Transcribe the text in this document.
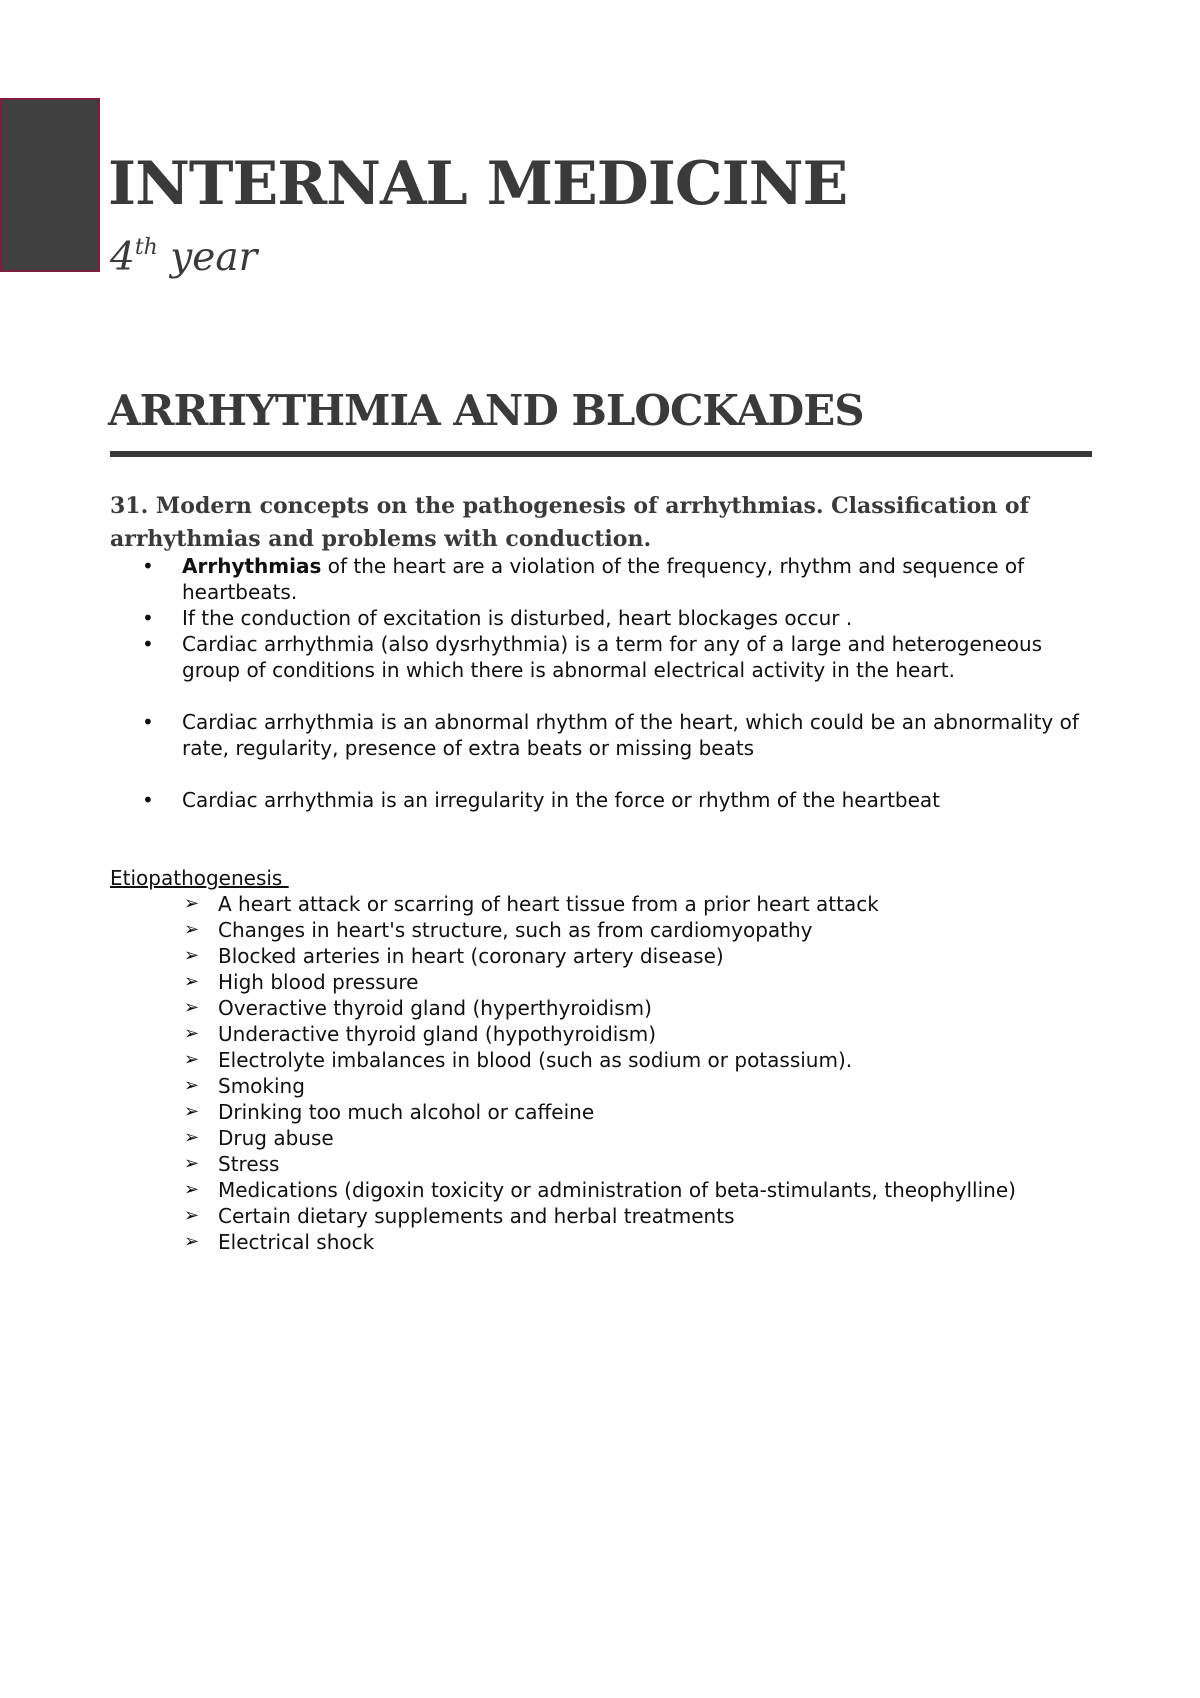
INTERNAL MEDICINE
4th year
ARRHYTHMIA AND BLOCKADES
31. Modern concepts on the pathogenesis of arrhythmias. Classification of arrhythmias and problems with conduction.
• Arrhythmias of the heart are a violation of the frequency, rhythm and sequence of heartbeats.
• If the conduction of excitation is disturbed, heart blockages occur .
• Cardiac arrhythmia (also dysrhythmia) is a term for any of a large and heterogeneous group of conditions in which there is abnormal electrical activity in the heart.
• Cardiac arrhythmia is an abnormal rhythm of the heart, which could be an abnormality of rate, regularity, presence of extra beats or missing beats
• Cardiac arrhythmia is an irregularity in the force or rhythm of the heartbeat
Etiopathogenesis
➢ A heart attack or scarring of heart tissue from a prior heart attack
➢ Changes in heart's structure, such as from cardiomyopathy
➢ Blocked arteries in heart (coronary artery disease)
➢ High blood pressure
➢ Overactive thyroid gland (hyperthyroidism)
➢ Underactive thyroid gland (hypothyroidism)
➢ Electrolyte imbalances in blood (such as sodium or potassium).
➢ Smoking
➢ Drinking too much alcohol or caffeine
➢ Drug abuse
➢ Stress
➢ Medications (digoxin toxicity or administration of beta-stimulants, theophylline)
➢ Certain dietary supplements and herbal treatments
➢ Electrical shock
